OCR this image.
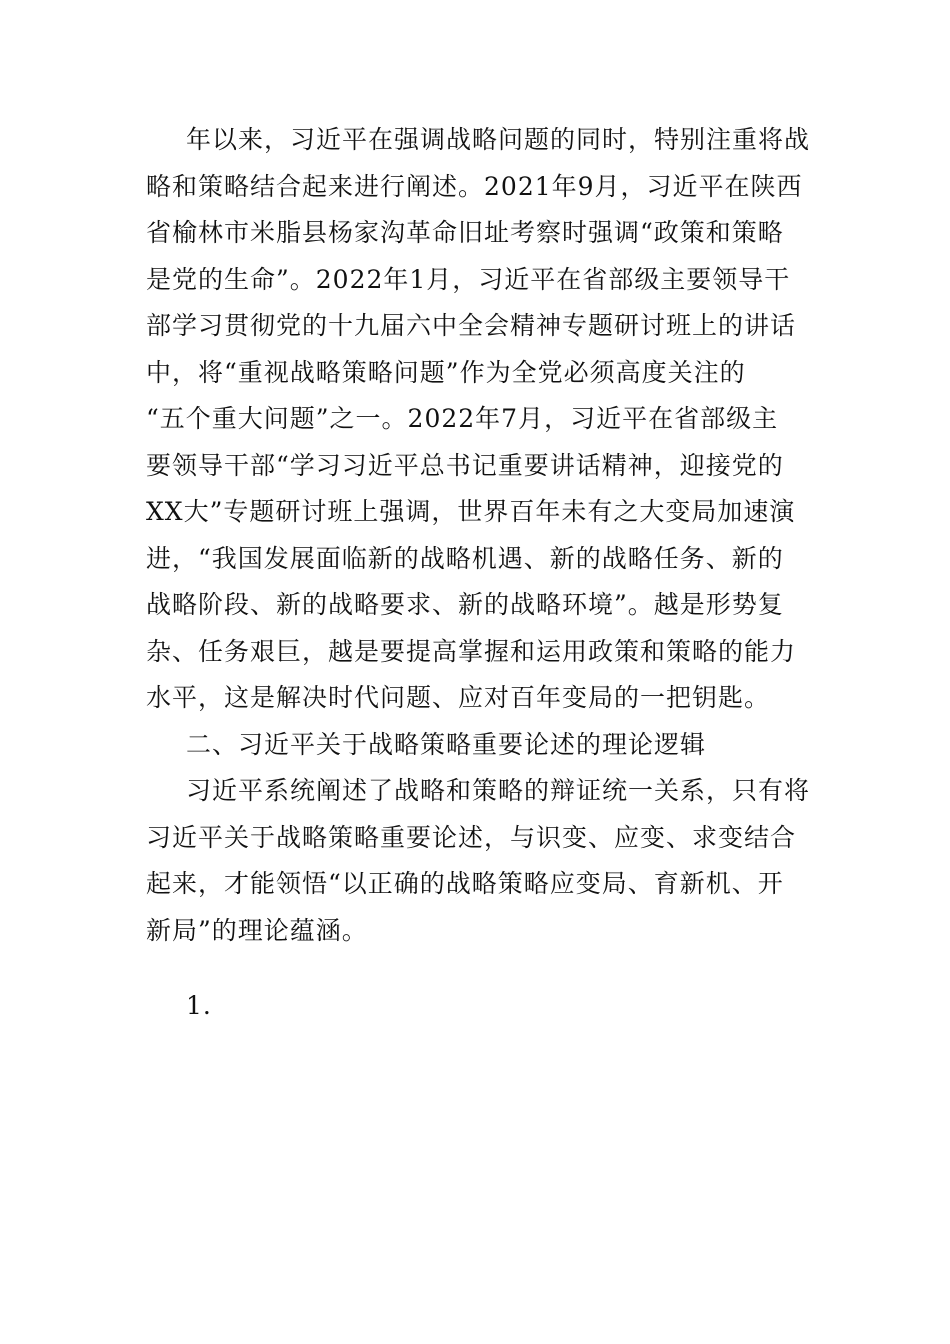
年以来，习近平在强调战略问题的同时，特别注重将战
略和策略结合起来进行阐述。2021年9月，习近平在陕西
省榆林市米脂县杨家沟革命旧址考察时强调“政策和策略
是党的生命”。2022年1月，习近平在省部级主要领导干
部学习贯彻党的十九届六中全会精神专题研讨班上的讲话
中，将“重视战略策略问题”作为全党必须高度关注的
“五个重大问题”之一。2022年7月，习近平在省部级主
要领导干部“学习习近平总书记重要讲话精神，迎接党的
XX大”专题研讨班上强调，世界百年未有之大变局加速演
进，“我国发展面临新的战略机遇、新的战略任务、新的
战略阶段、新的战略要求、新的战略环境”。越是形势复
杂、任务艰巨，越是要提高掌握和运用政策和策略的能力
水平，这是解决时代问题、应对百年变局的一把钥匙。
二、习近平关于战略策略重要论述的理论逻辑
习近平系统阐述了战略和策略的辩证统一关系，只有将
习近平关于战略策略重要论述，与识变、应变、求变结合
起来，才能领悟“以正确的战略策略应变局、育新机、开
新局”的理论蕴涵。
1.
